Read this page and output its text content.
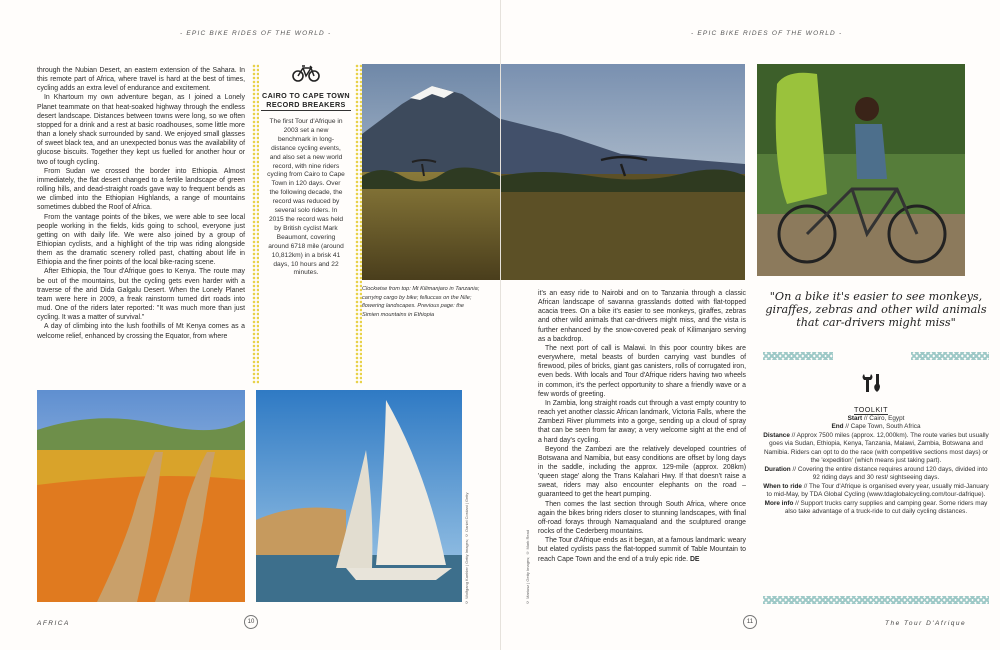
- EPIC BIKE RIDES OF THE WORLD -

through the Nubian Desert, an eastern extension of the Sahara. In this remote part of Africa, where travel is hard at the best of times, cycling adds an extra level of endurance and excitement.

In Khartoum my own adventure began, as I joined a Lonely Planet teammate on that heat-soaked highway through the endless desert landscape. Distances between towns were long, so we often stopped for a drink and a rest at basic roadhouses, some little more than a lonely shack surrounded by sand. We enjoyed small glasses of sweet black tea, and an unexpected bonus was the availability of glucose biscuits. Together they kept us fuelled for another hour or two of tough cycling.

From Sudan we crossed the border into Ethiopia. Almost immediately, the flat desert changed to a fertile landscape of green rolling hills, and dead-straight roads gave way to frequent bends as we climbed into the Ethiopian Highlands, a range of mountains sometimes dubbed the Roof of Africa.

From the vantage points of the bikes, we were able to see local people working in the fields, kids going to school, everyone just getting on with daily life. We were also joined by a group of Ethiopian cyclists, and a highlight of the trip was riding alongside them as the dramatic scenery rolled past, chatting about life in Ethiopia and the finer points of the local bike-racing scene.

After Ethiopia, the Tour d'Afrique goes to Kenya. The route may be out of the mountains, but the cycling gets even harder with a traverse of the arid Dida Galgalu Desert. When the Lonely Planet team were here in 2009, a freak rainstorm turned dirt roads into mud. One of the riders later reported: "It was much more than just cycling. It was a matter of survival."

A day of climbing into the lush foothills of Mt Kenya comes as a welcome relief, enhanced by crossing the Equator, from where

CAIRO TO CAPE TOWN RECORD BREAKERS
The first Tour d'Afrique in 2003 set a new benchmark in long-distance cycling events, and also set a new world record, with nine riders cycling from Cairo to Cape Town in 120 days. Over the following decade, the record was reduced by several solo riders. In 2015 the record was held by British cyclist Mark Beaumont, covering around 6718 mile (around 10,812km) in a brisk 41 days, 10 hours and 22 minutes.
Clockwise from top: Mt Kilimanjaro in Tanzania; carrying cargo by bike; felluccas on the Nile; flowering landscapes. Previous page: the Simien mountains in Ethiopia
© Wolfgang Kaehler | Getty Images; © Daniel Cordani | Getty
AFRICA	10
- EPIC BIKE RIDES OF THE WORLD -

it's an easy ride to Nairobi and on to Tanzania through a classic African landscape of savanna grasslands dotted with flat-topped acacia trees. On a bike it's easier to see monkeys, giraffes, zebras and other wild animals that car-drivers might miss, and the vista is further enhanced by the snow-covered peak of Kilimanjaro serving as a backdrop.

The next port of call is Malawi. In this poor country bikes are everywhere, metal beasts of burden carrying vast bundles of firewood, piles of bricks, giant gas canisters, rolls of corrugated iron, even beds. With locals and Tour d'Afrique riders having two wheels in common, it's the perfect opportunity to share a friendly wave or a few words of greeting.

In Zambia, long straight roads cut through a vast empty country to reach yet another classic African landmark, Victoria Falls, where the Zambezi River plummets into a gorge, sending up a cloud of spray that can be seen from far away; a very welcome sight at the end of a hard day's cycling.

Beyond the Zambezi are the relatively developed countries of Botswana and Namibia, but easy conditions are offset by long days in the saddle, including the approx. 129-mile (approx. 208km) 'queen stage' along the Trans Kalahari Hwy. If that doesn't raise a sweat, riders may also encounter elephants on the road – guaranteed to get the heart pumping.

Then comes the last section through South Africa, where once again the bikes bring riders closer to stunning landscapes, with final off-road forays through Namaqualand and the sculptured orange rocks of the Cederberg mountains.

The Tour d'Afrique ends as it began, at a famous landmark: weary but elated cyclists pass the flat-topped summit of Table Mountain to reach Cape Town and the end of a truly epic ride. DE

"On a bike it's easier to see monkeys, giraffes, zebras and other wild animals that car-drivers might miss"
TOOLKIT
Start // Cairo, Egypt
End // Cape Town, South Africa
Distance // Approx 7500 miles (approx. 12,000km). The route varies but usually goes via Sudan, Ethiopia, Kenya, Tanzania, Malawi, Zambia, Botswana and Namibia. Riders can opt to do the race (with competitive sections most days) or the 'expedition' (which means just taking part).
Duration // Covering the entire distance requires around 120 days, divided into 92 riding days and 30 rest/ sightseeing days.
When to ride // The Tour d'Afrique is organised every year, usually mid-January to mid-May, by TDA Global Cycling (www.tdaglobalcycling.com/tour-dafrique).
More info // Support trucks carry supplies and camping gear. Some riders may also take advantage of a truck-ride to cut daily cycling distances.
© Mariusz | Getty Images; © Mark Read
11	The Tour D'Afrique
